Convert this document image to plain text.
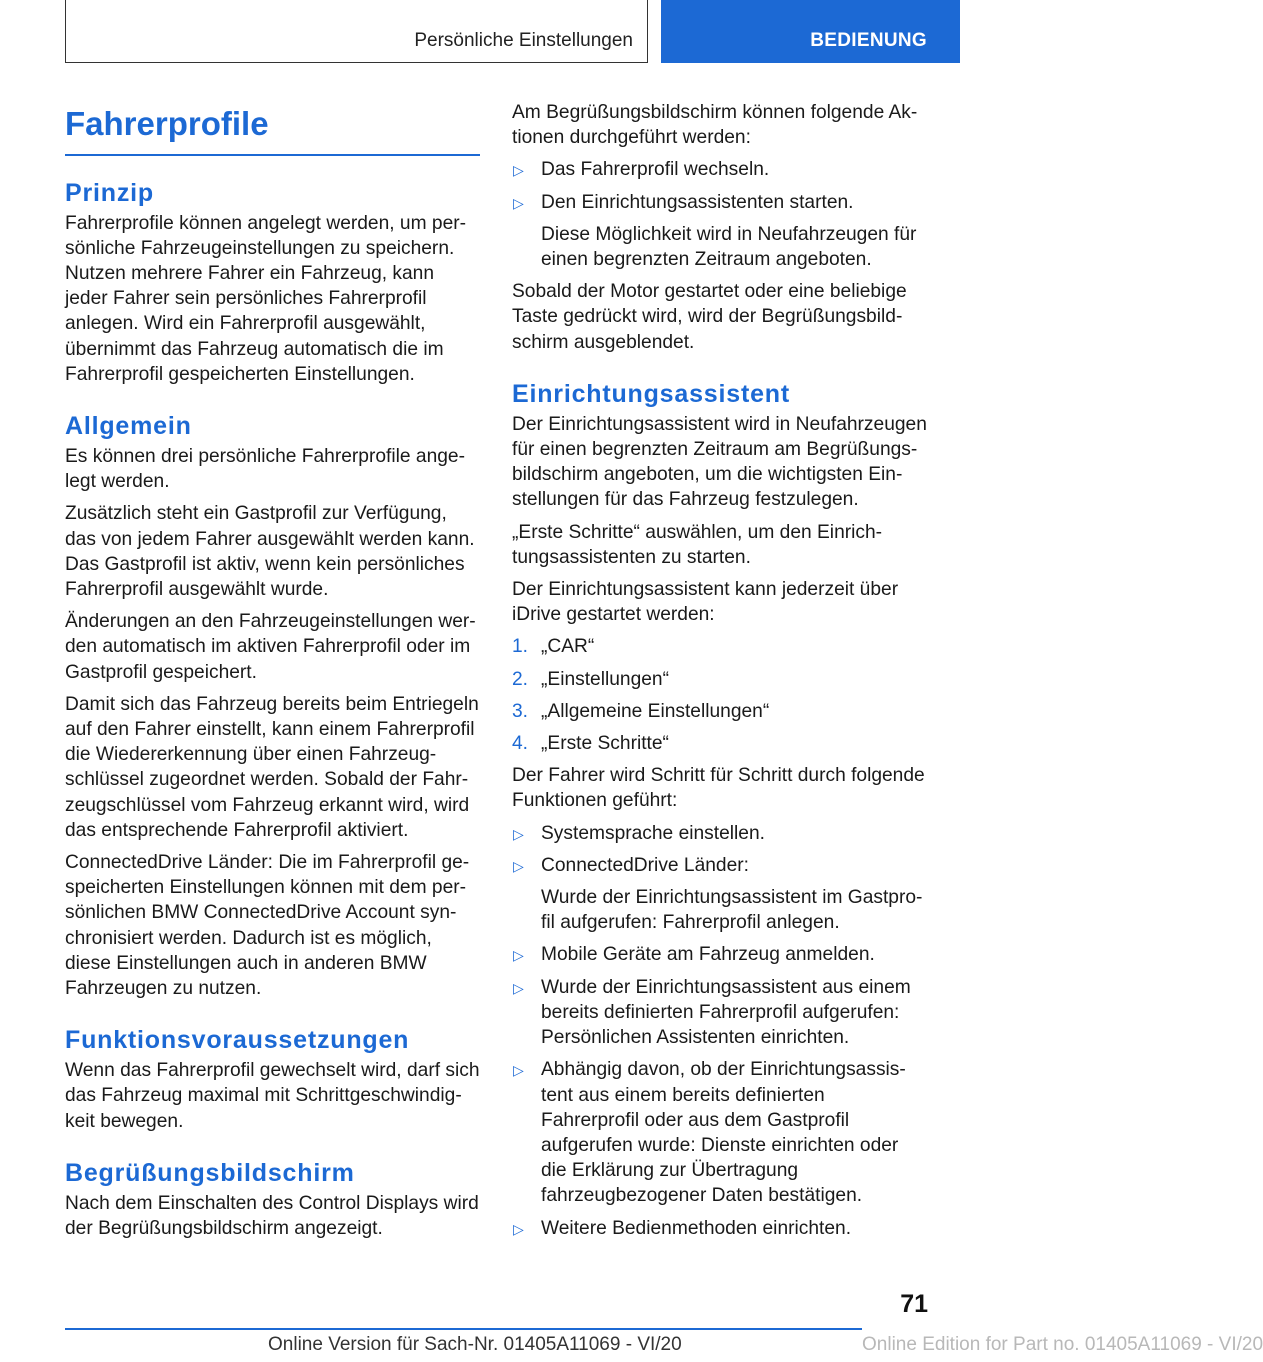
Persönliche Einstellungen	BEDIENUNG
Fahrerprofile
Prinzip

Fahrerprofile können angelegt werden, um persönliche Fahrzeugeinstellungen zu speichern. Nutzen mehrere Fahrer ein Fahrzeug, kann jeder Fahrer sein persönliches Fahrerprofil anlegen. Wird ein Fahrerprofil ausgewählt, übernimmt das Fahrzeug automatisch die im Fahrerprofil gespeicherten Einstellungen.

Allgemein

Es können drei persönliche Fahrerprofile angelegt werden.

Zusätzlich steht ein Gastprofil zur Verfügung, das von jedem Fahrer ausgewählt werden kann. Das Gastprofil ist aktiv, wenn kein persönliches Fahrerprofil ausgewählt wurde.

Änderungen an den Fahrzeugeinstellungen werden automatisch im aktiven Fahrerprofil oder im Gastprofil gespeichert.

Damit sich das Fahrzeug bereits beim Entriegeln auf den Fahrer einstellt, kann einem Fahrerprofil die Wiedererkennung über einen Fahrzeugschlüssel zugeordnet werden. Sobald der Fahrzeugschlüssel vom Fahrzeug erkannt wird, wird das entsprechende Fahrerprofil aktiviert.

ConnectedDrive Länder: Die im Fahrerprofil gespeicherten Einstellungen können mit dem persönlichen BMW ConnectedDrive Account synchronisiert werden. Dadurch ist es möglich, diese Einstellungen auch in anderen BMW Fahrzeugen zu nutzen.

Funktionsvoraussetzungen

Wenn das Fahrerprofil gewechselt wird, darf sich das Fahrzeug maximal mit Schrittgeschwindigkeit bewegen.

Begrüßungsbildschirm

Nach dem Einschalten des Control Displays wird der Begrüßungsbildschirm angezeigt.

Am Begrüßungsbildschirm können folgende Aktionen durchgeführt werden:

▷ Das Fahrerprofil wechseln.
▷ Den Einrichtungsassistenten starten.
Diese Möglichkeit wird in Neufahrzeugen für einen begrenzten Zeitraum angeboten.

Sobald der Motor gestartet oder eine beliebige Taste gedrückt wird, wird der Begrüßungsbildschirm ausgeblendet.

Einrichtungsassistent

Der Einrichtungsassistent wird in Neufahrzeugen für einen begrenzten Zeitraum am Begrüßungsbildschirm angeboten, um die wichtigsten Einstellungen für das Fahrzeug festzulegen.

„Erste Schritte“ auswählen, um den Einrichtungsassistenten zu starten.

Der Einrichtungsassistent kann jederzeit über iDrive gestartet werden:

1. „CAR“
2. „Einstellungen“
3. „Allgemeine Einstellungen“
4. „Erste Schritte“

Der Fahrer wird Schritt für Schritt durch folgende Funktionen geführt:

▷ Systemsprache einstellen.
▷ ConnectedDrive Länder:
Wurde der Einrichtungsassistent im Gastprofil aufgerufen: Fahrerprofil anlegen.
▷ Mobile Geräte am Fahrzeug anmelden.
▷ Wurde der Einrichtungsassistent aus einem bereits definierten Fahrerprofil aufgerufen: Persönlichen Assistenten einrichten.
▷ Abhängig davon, ob der Einrichtungsassistent aus einem bereits definierten Fahrerprofil oder aus dem Gastprofil aufgerufen wurde: Dienste einrichten oder die Erklärung zur Übertragung fahrzeugbezogener Daten bestätigen.
▷ Weitere Bedienmethoden einrichten.
71
Online Version für Sach-Nr. 01405A11069 - VI/20	Online Edition for Part no. 01405A11069 - VI/20
